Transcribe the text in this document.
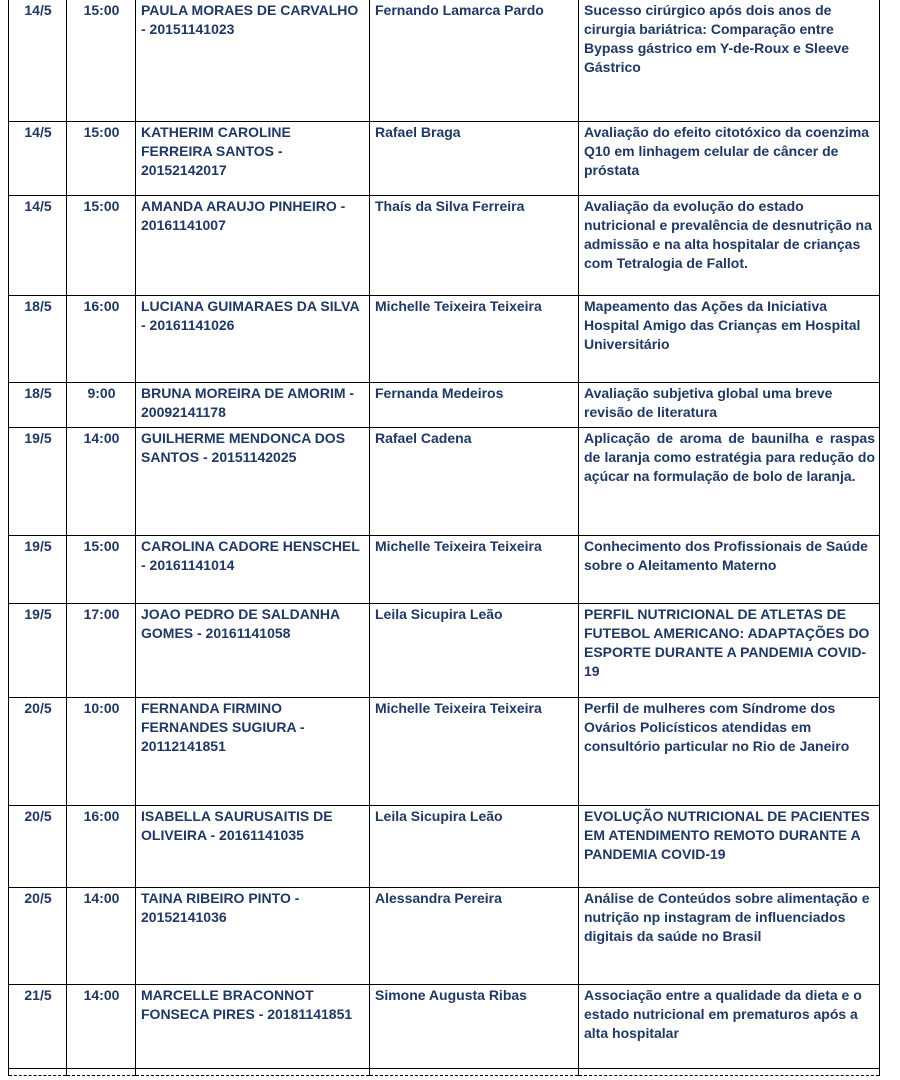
14/5	15:00	PAULA MORAES DE CARVALHO - 20151141023	Fernando Lamarca Pardo	Sucesso cirúrgico após dois anos de cirurgia bariátrica: Comparação entre Bypass gástrico em Y-de-Roux e Sleeve Gástrico
14/5	15:00	KATHERIM CAROLINE FERREIRA SANTOS - 20152142017	Rafael Braga	Avaliação do efeito citotóxico da coenzima Q10 em linhagem celular de câncer de próstata
14/5	15:00	AMANDA ARAUJO PINHEIRO - 20161141007	Thaís da Silva Ferreira	Avaliação da evolução do estado nutricional e prevalência de desnutrição na admissão e na alta hospitalar de crianças com Tetralogia de Fallot.
18/5	16:00	LUCIANA GUIMARAES DA SILVA - 20161141026	Michelle Teixeira Teixeira	Mapeamento das Ações da Iniciativa Hospital Amigo das Crianças em Hospital Universitário
18/5	9:00	BRUNA MOREIRA DE AMORIM - 20092141178	Fernanda Medeiros	Avaliação subjetiva global uma breve revisão de literatura
19/5	14:00	GUILHERME MENDONCA DOS SANTOS - 20151142025	Rafael Cadena	Aplicação de aroma de baunilha e raspas de laranja como estratégia para redução do açúcar na formulação de bolo de laranja.
19/5	15:00	CAROLINA CADORE HENSCHEL - 20161141014	Michelle Teixeira Teixeira	Conhecimento dos Profissionais de Saúde sobre o Aleitamento Materno
19/5	17:00	JOAO PEDRO DE SALDANHA GOMES - 20161141058	Leila Sicupira Leão	PERFIL NUTRICIONAL DE ATLETAS DE FUTEBOL AMERICANO: ADAPTAÇÕES DO ESPORTE DURANTE A PANDEMIA COVID-19
20/5	10:00	FERNANDA FIRMINO FERNANDES SUGIURA - 20112141851	Michelle Teixeira Teixeira	Perfil de mulheres com Síndrome dos Ovários Policísticos atendidas em consultório particular no Rio de Janeiro
20/5	16:00	ISABELLA SAURUSAITIS DE OLIVEIRA - 20161141035	Leila Sicupira Leão	EVOLUÇÃO NUTRICIONAL DE PACIENTES EM ATENDIMENTO REMOTO DURANTE A PANDEMIA COVID-19
20/5	14:00	TAINA RIBEIRO PINTO - 20152141036	Alessandra Pereira	Análise de Conteúdos sobre alimentação e nutrição np instagram de influenciados digitais da saúde no Brasil
21/5	14:00	MARCELLE BRACONNOT FONSECA PIRES - 20181141851	Simone Augusta Ribas	Associação entre a qualidade da dieta e o estado nutricional em prematuros após a alta hospitalar
